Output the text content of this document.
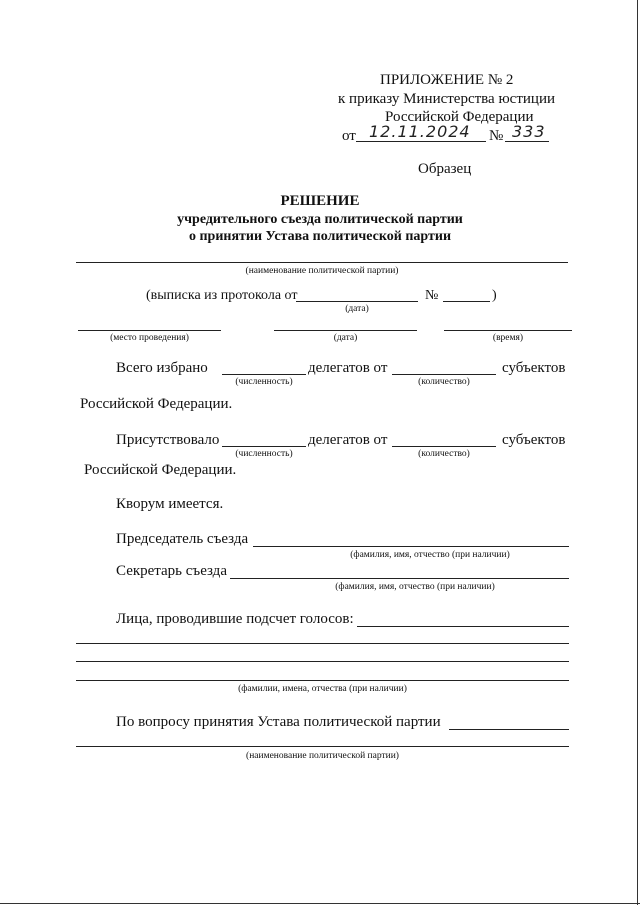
ПРИЛОЖЕНИЕ № 2
к приказу Министерства юстиции
Российской Федерации
от 12.11.2024 № 333
Образец
РЕШЕНИЕ
учредительного съезда политической партии
о принятии Устава политической партии
(наименование политической партии)
(выписка из протокола от	№	)
(дата)
(место проведения)	(дата)	(время)
Всего избрано	делегатов от	субъектов
(численность)	(количество)
Российской Федерации.
Присутствовало	делегатов от	субъектов
(численность)	(количество)
Российской Федерации.
Кворум имеется.
Председатель съезда
(фамилия, имя, отчество (при наличии)
Секретарь съезда
(фамилия, имя, отчество (при наличии)
Лица, проводившие подсчет голосов:
(фамилии, имена, отчества (при наличии)
По вопросу принятия Устава политической партии
(наименование политической партии)
